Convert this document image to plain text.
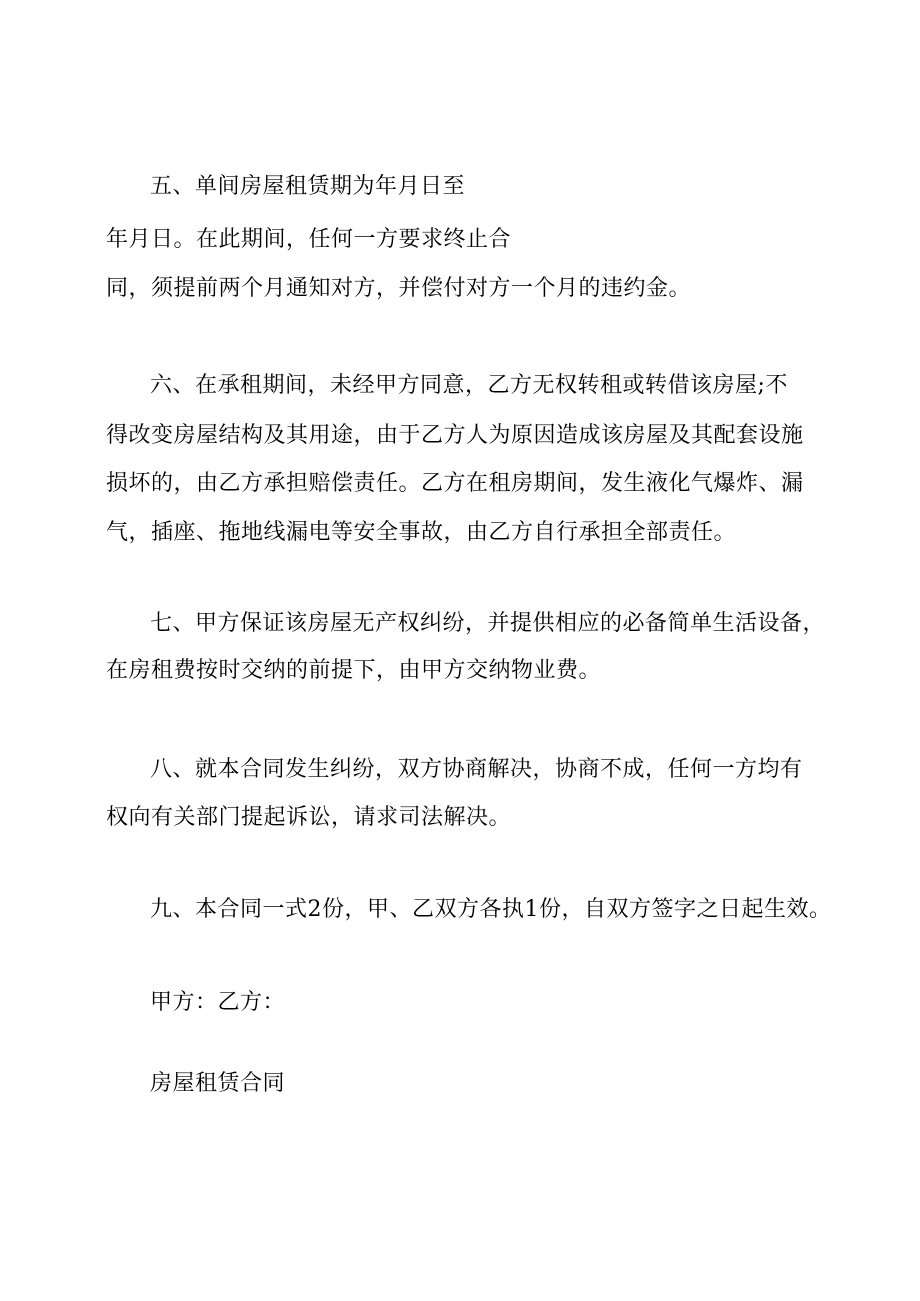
五、单间房屋租赁期为年月日至
年月日。在此期间，任何一方要求终止合
同，须提前两个月通知对方，并偿付对方一个月的违约金。
六、在承租期间，未经甲方同意，乙方无权转租或转借该房屋;不
得改变房屋结构及其用途，由于乙方人为原因造成该房屋及其配套设施
损坏的，由乙方承担赔偿责任。乙方在租房期间，发生液化气爆炸、漏
气，插座、拖地线漏电等安全事故，由乙方自行承担全部责任。
七、甲方保证该房屋无产权纠纷，并提供相应的必备简单生活设备，
在房租费按时交纳的前提下，由甲方交纳物业费。
八、就本合同发生纠纷，双方协商解决，协商不成，任何一方均有
权向有关部门提起诉讼，请求司法解决。
九、本合同一式2份，甲、乙双方各执1份，自双方签字之日起生效。
甲方：乙方：
房屋租赁合同
